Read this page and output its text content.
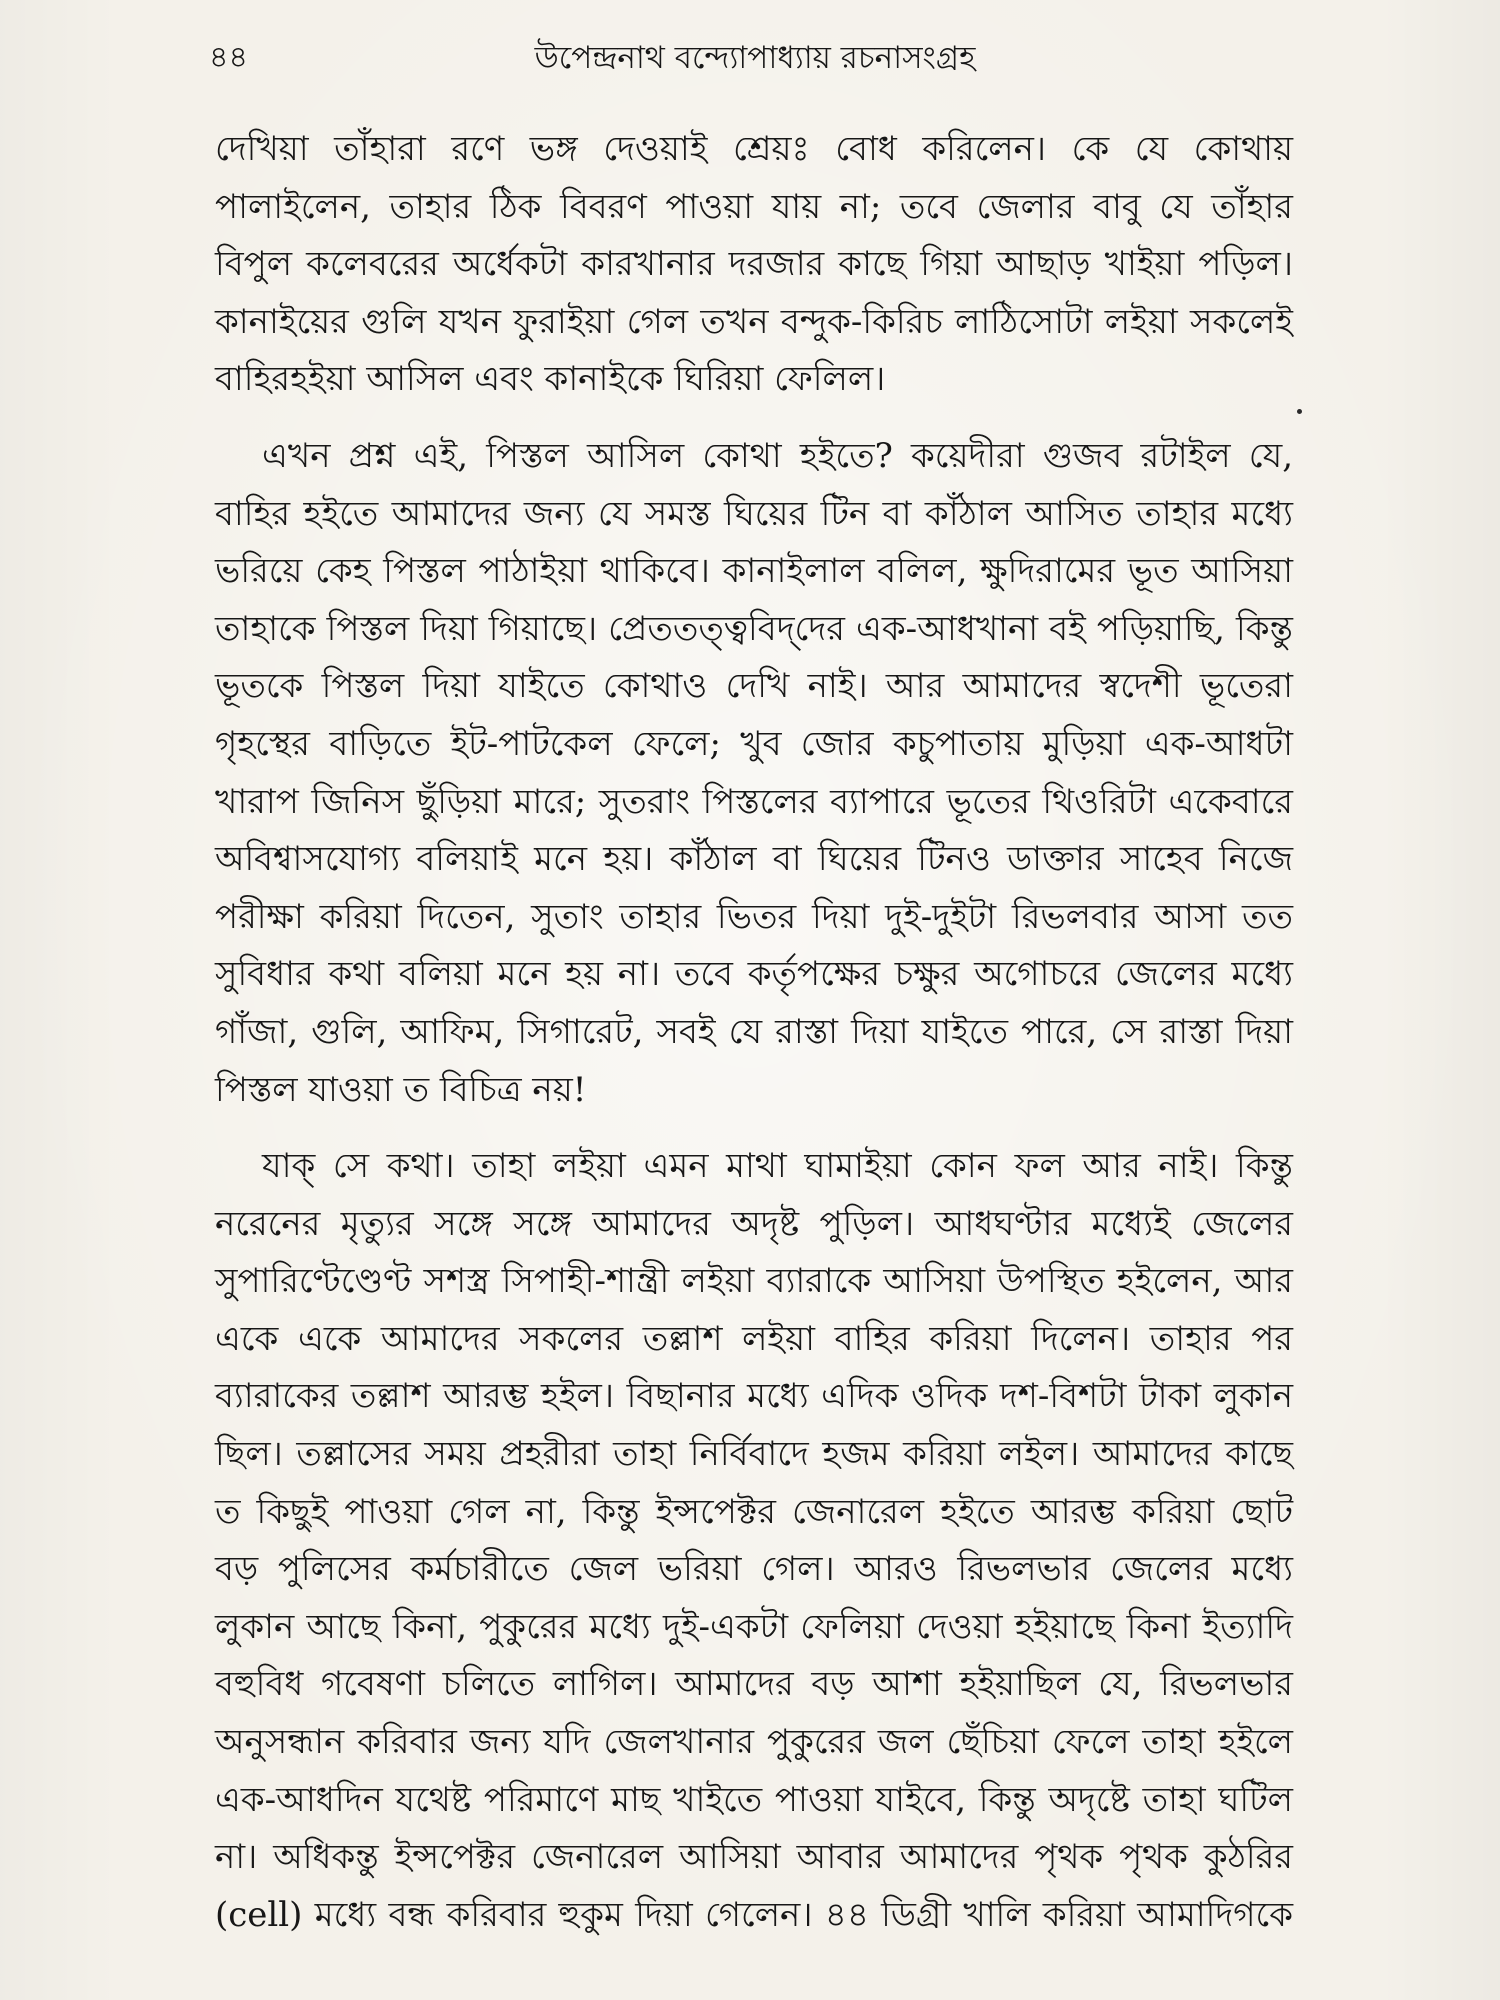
৪৪	উপেন্দ্রনাথ বন্দ্যোপাধ্যায় রচনাসংগ্রহ
দেখিয়া তাঁহারা রণে ভঙ্গ দেওয়াই শ্রেয়ঃ বোধ করিলেন। কে যে কোথায়
পালাইলেন, তাহার ঠিক বিবরণ পাওয়া যায় না; তবে জেলার বাবু যে তাঁহার
বিপুল কলেবরের অর্ধেকটা কারখানার দরজার কাছে গিয়া আছাড় খাইয়া পড়িল।
কানাইয়ের গুলি যখন ফুরাইয়া গেল তখন বন্দুক-কিরিচ লাঠিসোটা লইয়া সকলেই
বাহিরহইয়া আসিল এবং কানাইকে ঘিরিয়া ফেলিল।
এখন প্রশ্ন এই, পিস্তল আসিল কোথা হইতে? কয়েদীরা গুজব রটাইল যে,
বাহির হইতে আমাদের জন্য যে সমস্ত ঘিয়ের টিন বা কাঁঠাল আসিত তাহার মধ্যে
ভরিয়ে কেহ পিস্তল পাঠাইয়া থাকিবে। কানাইলাল বলিল, ক্ষুদিরামের ভূত আসিয়া
তাহাকে পিস্তল দিয়া গিয়াছে। প্রেততত্ত্ববিদ্‌দের এক-আধখানা বই পড়িয়াছি, কিন্তু
ভূতকে পিস্তল দিয়া যাইতে কোথাও দেখি নাই। আর আমাদের স্বদেশী ভূতেরা
গৃহস্থের বাড়িতে ইট-পাটকেল ফেলে; খুব জোর কচুপাতায় মুড়িয়া এক-আধটা
খারাপ জিনিস ছুঁড়িয়া মারে; সুতরাং পিস্তলের ব্যাপারে ভূতের থিওরিটা একেবারে
অবিশ্বাসযোগ্য বলিয়াই মনে হয়। কাঁঠাল বা ঘিয়ের টিনও ডাক্তার সাহেব নিজে
পরীক্ষা করিয়া দিতেন, সুতাং তাহার ভিতর দিয়া দুই-দুইটা রিভলবার আসা তত
সুবিধার কথা বলিয়া মনে হয় না। তবে কর্তৃপক্ষের চক্ষুর অগোচরে জেলের মধ্যে
গাঁজা, গুলি, আফিম, সিগারেট, সবই যে রাস্তা দিয়া যাইতে পারে, সে রাস্তা দিয়া
পিস্তল যাওয়া ত বিচিত্র নয়!
যাক্ সে কথা। তাহা লইয়া এমন মাথা ঘামাইয়া কোন ফল আর নাই। কিন্তু
নরেনের মৃত্যুর সঙ্গে সঙ্গে আমাদের অদৃষ্ট পুড়িল। আধঘণ্টার মধ্যেই জেলের
সুপারিণ্টেণ্ডেণ্ট সশস্ত্র সিপাহী-শান্ত্রী লইয়া ব্যারাকে আসিয়া উপস্থিত হইলেন, আর
একে একে আমাদের সকলের তল্লাশ লইয়া বাহির করিয়া দিলেন। তাহার পর
ব্যারাকের তল্লাশ আরম্ভ হইল। বিছানার মধ্যে এদিক ওদিক দশ-বিশটা টাকা লুকান
ছিল। তল্লাসের সময় প্রহরীরা তাহা নির্বিবাদে হজম করিয়া লইল। আমাদের কাছে
ত কিছুই পাওয়া গেল না, কিন্তু ইন্সপেক্টর জেনারেল হইতে আরম্ভ করিয়া ছোট
বড় পুলিসের কর্মচারীতে জেল ভরিয়া গেল। আরও রিভলভার জেলের মধ্যে
লুকান আছে কিনা, পুকুরের মধ্যে দুই-একটা ফেলিয়া দেওয়া হইয়াছে কিনা ইত্যাদি
বহুবিধ গবেষণা চলিতে লাগিল। আমাদের বড় আশা হইয়াছিল যে, রিভলভার
অনুসন্ধান করিবার জন্য যদি জেলখানার পুকুরের জল ছেঁচিয়া ফেলে তাহা হইলে
এক-আধদিন যথেষ্ট পরিমাণে মাছ খাইতে পাওয়া যাইবে, কিন্তু অদৃষ্টে তাহা ঘটিল
না। অধিকন্তু ইন্সপেক্টর জেনারেল আসিয়া আবার আমাদের পৃথক পৃথক কুঠরির
(cell) মধ্যে বন্ধ করিবার হুকুম দিয়া গেলেন। ৪৪ ডিগ্রী খালি করিয়া আমাদিগকে
